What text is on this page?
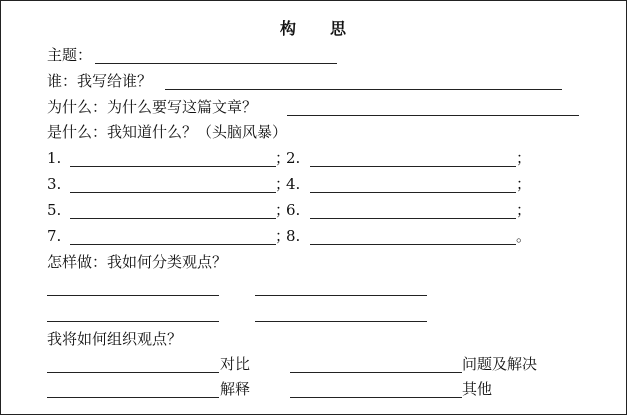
构 思
主题：
谁：我写给谁？
为什么：为什么要写这篇文章？
是什么：我知道什么？（头脑风暴）
1.	；
2.	；
3.	；
4.	；
5.	；
6.	；
7.	；
8.	。
怎样做：我如何分类观点？
我将如何组织观点？
对比	问题及解决
解释	其他
